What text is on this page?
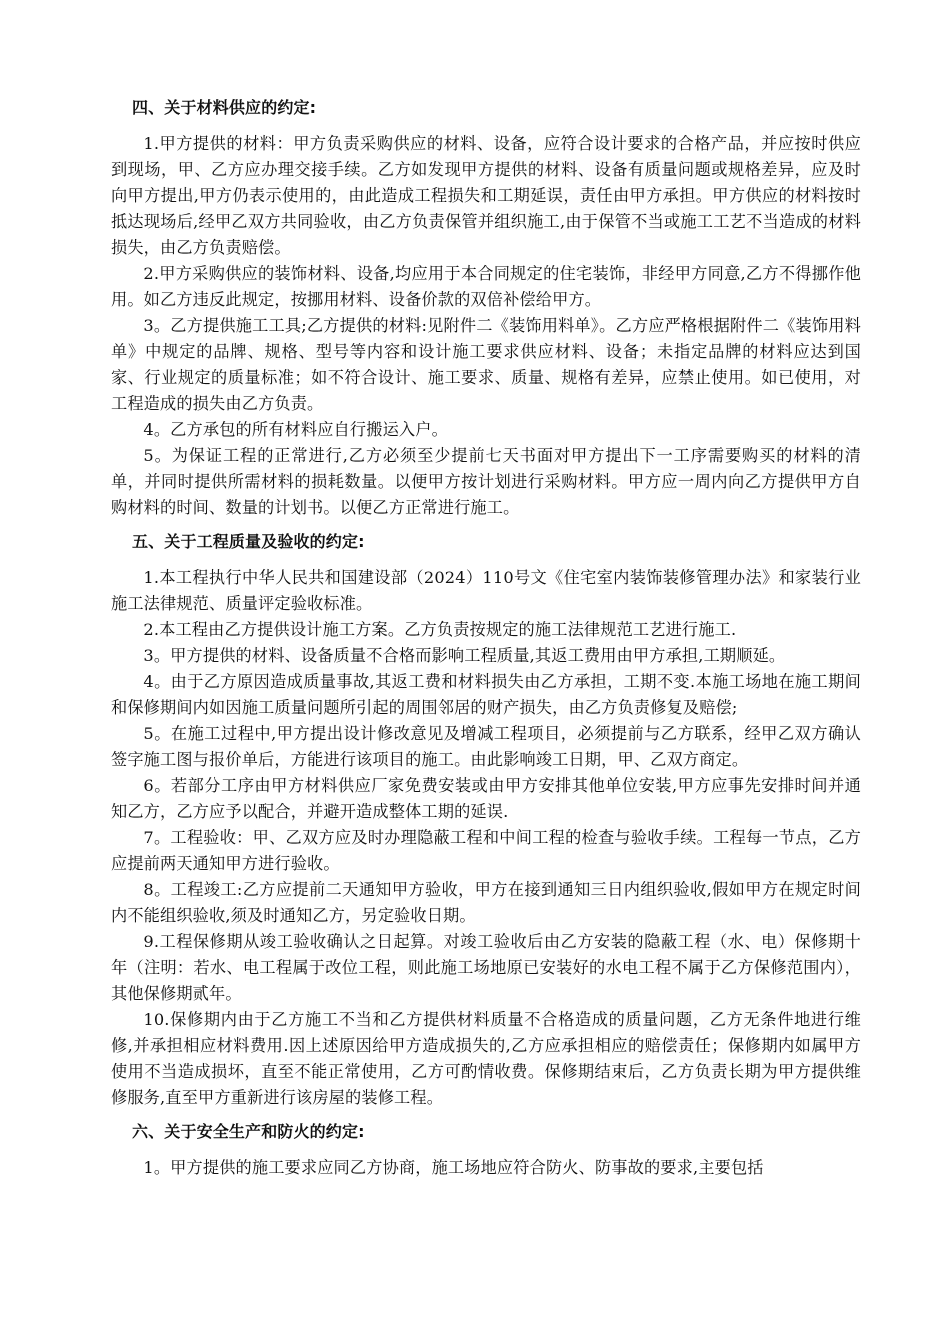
四、关于材料供应的约定:

1.甲方提供的材料：甲方负责采购供应的材料、设备，应符合设计要求的合格产品，并应按时供应到现场，甲、乙方应办理交接手续。乙方如发现甲方提供的材料、设备有质量问题或规格差异，应及时向甲方提出,甲方仍表示使用的，由此造成工程损失和工期延误，责任由甲方承担。甲方供应的材料按时抵达现场后,经甲乙双方共同验收，由乙方负责保管并组织施工,由于保管不当或施工工艺不当造成的材料损失，由乙方负责赔偿。

2.甲方采购供应的装饰材料、设备,均应用于本合同规定的住宅装饰，非经甲方同意,乙方不得挪作他用。如乙方违反此规定，按挪用材料、设备价款的双倍补偿给甲方。

3。乙方提供施工工具;乙方提供的材料:见附件二《装饰用料单》。乙方应严格根据附件二《装饰用料单》中规定的品牌、规格、型号等内容和设计施工要求供应材料、设备；未指定品牌的材料应达到国家、行业规定的质量标准；如不符合设计、施工要求、质量、规格有差异，应禁止使用。如已使用，对工程造成的损失由乙方负责。

4。乙方承包的所有材料应自行搬运入户。

5。为保证工程的正常进行,乙方必须至少提前七天书面对甲方提出下一工序需要购买的材料的清单，并同时提供所需材料的损耗数量。以便甲方按计划进行采购材料。甲方应一周内向乙方提供甲方自购材料的时间、数量的计划书。以便乙方正常进行施工。

五、关于工程质量及验收的约定:

1.本工程执行中华人民共和国建设部（2024）110号文《住宅室内装饰装修管理办法》和家装行业施工法律规范、质量评定验收标准。

2.本工程由乙方提供设计施工方案。乙方负责按规定的施工法律规范工艺进行施工.

3。甲方提供的材料、设备质量不合格而影响工程质量,其返工费用由甲方承担,工期顺延。

4。由于乙方原因造成质量事故,其返工费和材料损失由乙方承担，工期不变.本施工场地在施工期间和保修期间内如因施工质量问题所引起的周围邻居的财产损失，由乙方负责修复及赔偿;

5。在施工过程中,甲方提出设计修改意见及增减工程项目，必须提前与乙方联系，经甲乙双方确认签字施工图与报价单后，方能进行该项目的施工。由此影响竣工日期，甲、乙双方商定。

6。若部分工序由甲方材料供应厂家免费安装或由甲方安排其他单位安装,甲方应事先安排时间并通知乙方，乙方应予以配合，并避开造成整体工期的延误.

7。工程验收：甲、乙双方应及时办理隐蔽工程和中间工程的检查与验收手续。工程每一节点，乙方应提前两天通知甲方进行验收。

8。工程竣工:乙方应提前二天通知甲方验收，甲方在接到通知三日内组织验收,假如甲方在规定时间内不能组织验收,须及时通知乙方，另定验收日期。

9.工程保修期从竣工验收确认之日起算。对竣工验收后由乙方安装的隐蔽工程（水、电）保修期十年（注明：若水、电工程属于改位工程，则此施工场地原已安装好的水电工程不属于乙方保修范围内），其他保修期贰年。

10.保修期内由于乙方施工不当和乙方提供材料质量不合格造成的质量问题，乙方无条件地进行维修,并承担相应材料费用.因上述原因给甲方造成损失的,乙方应承担相应的赔偿责任；保修期内如属甲方使用不当造成损坏，直至不能正常使用，乙方可酌情收费。保修期结束后，乙方负责长期为甲方提供维修服务,直至甲方重新进行该房屋的装修工程。

六、关于安全生产和防火的约定:

1。甲方提供的施工要求应同乙方协商，施工场地应符合防火、防事故的要求,主要包括
